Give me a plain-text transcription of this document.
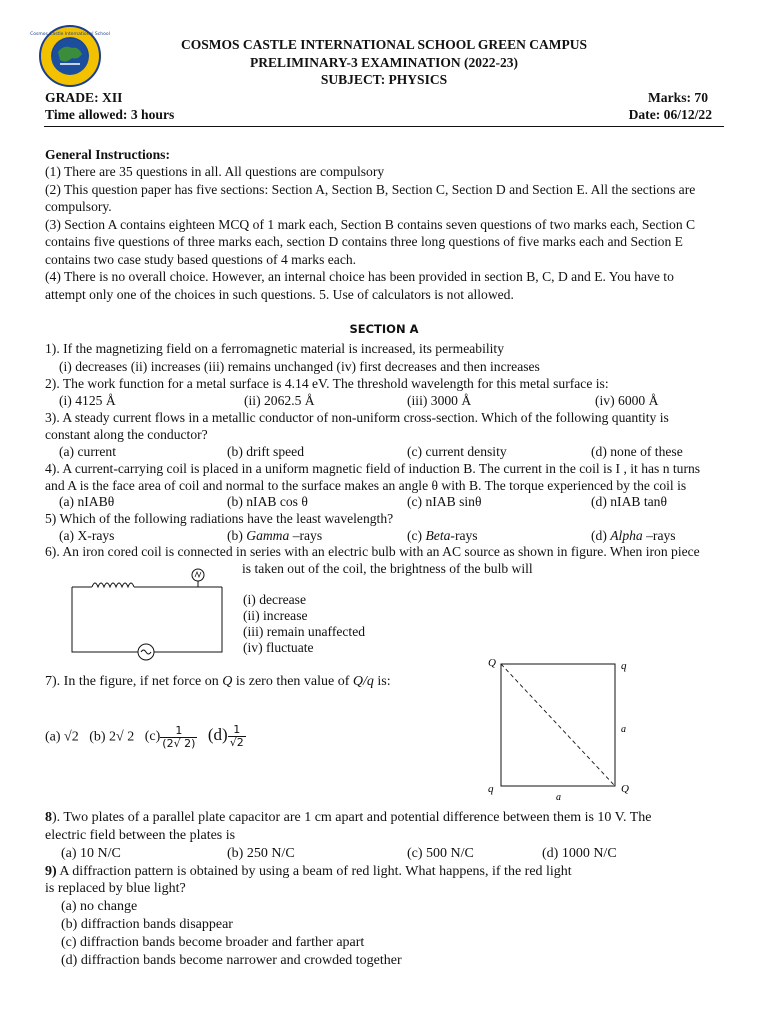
Cosmos Castle International School
COSMOS CASTLE INTERNATIONAL SCHOOL GREEN CAMPUS
PRELIMINARY-3 EXAMINATION (2022-23)
SUBJECT: PHYSICS
GRADE: XII	Marks: 70
Time allowed: 3 hours	Date: 06/12/22
General Instructions:
(1) There are 35 questions in all. All questions are compulsory
(2) This question paper has five sections: Section A, Section B, Section C, Section D and Section E. All the sections are
compulsory.
(3) Section A contains eighteen MCQ of 1 mark each, Section B contains seven questions of two marks each, Section C
contains five questions of three marks each, section D contains three long questions of five marks each and Section E
contains two case study based questions of 4 marks each.
(4) There is no overall choice. However, an internal choice has been provided in section B, C, D and E. You have to
attempt only one of the choices in such questions. 5. Use of calculators is not allowed.
SECTION A
1). If the magnetizing field on a ferromagnetic material is increased, its permeability
(i) decreases (ii) increases (iii) remains unchanged (iv) first decreases and then increases
2). The work function for a metal surface is 4.14 eV. The threshold wavelength for this metal surface is:
(i) 4125 Å	(ii) 2062.5 Å	(iii) 3000 Å	(iv) 6000 Å
3). A steady current flows in a metallic conductor of non-uniform cross-section. Which of the following quantity is
constant along the conductor?
(a) current	(b) drift speed	(c) current density	(d) none of these
4). A current-carrying coil is placed in a uniform magnetic field of induction B. The current in the coil is I , it has n turns
and A is the face area of coil and normal to the surface makes an angle θ with B. The torque experienced by the coil is
(a) nIABθ	(b) nIAB cos θ	(c) nIAB sinθ	(d) nIAB tanθ
5) Which of the following radiations have the least wavelength?
(a) X-rays	(b) Gamma –rays	(c) Beta-rays	(d) Alpha –rays
6). An iron cored coil is connected in series with an electric bulb with an AC source as shown in figure. When iron piece
is taken out of the coil, the brightness of the bulb will
(i) decrease
(ii) increase
(iii) remain unaffected
(iv) fluctuate
7). In the figure, if net force on Q is zero then value of Q/q is:
(a) √2 (b) 2√ 2 $(c) \frac{1}{(2√ 2)} (d) \frac{1}{√2}$
Q	q
q	Q
a
a
8). Two plates of a parallel plate capacitor are 1 cm apart and potential difference between them is 10 V. The
electric field between the plates is
(a) 10 N/C	(b) 250 N/C	(c) 500 N/C	(d) 1000 N/C
9) A diffraction pattern is obtained by using a beam of red light. What happens, if the red light
is replaced by blue light?
(a) no change
(b) diffraction bands disappear
(c) diffraction bands become broader and farther apart
(d) diffraction bands become narrower and crowded together
